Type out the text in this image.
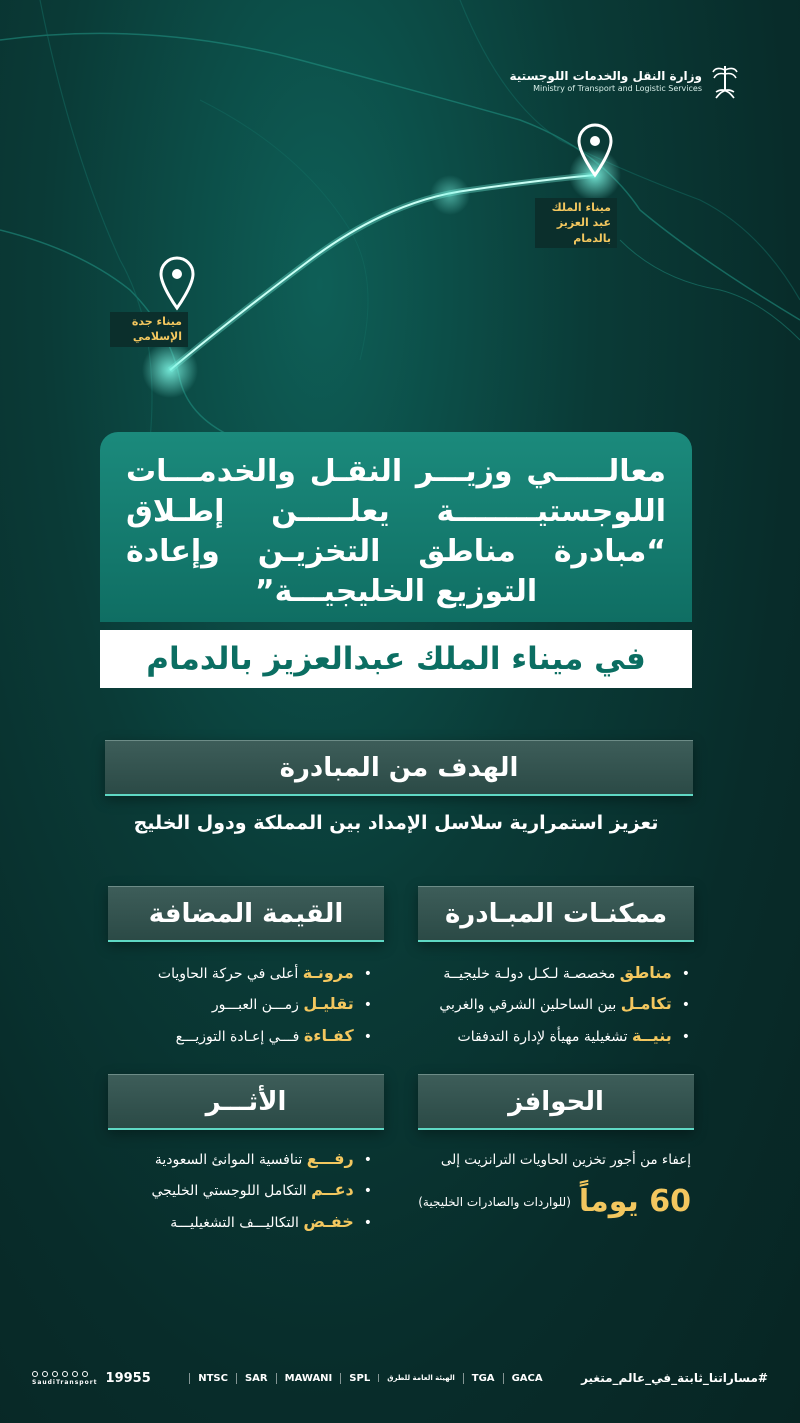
وزارة النقل والخدمات اللوجستية
Ministry of Transport and Logistic Services
ميناء الملك عبد العزيز بالدمام
ميناء جدة الإسلامي
معالـــــي وزيـــر النقـل والخدمـــات اللوجستيــــــــة يعلـــــن إطـلاق “مبادرة مناطق التخزيـن وإعادة التوزيع الخليجيـــة”
في ميناء الملك عبدالعزيز بالدمام
الهدف من المبادرة
تعزيز استمرارية سلاسل الإمداد بين المملكة ودول الخليج
ممكنـات المبـادرة
• مناطق مخصصـة لـكـل دولـة خليجيــة
• تكامـل بين الساحلين الشرقي والغربي
• بنيــة تشغيلية مهيأة لإدارة التدفقات
القيمة المضافة
• مرونـة أعلى في حركة الحاويات
• تقليـل زمـــن العبـــور
• كفـاءة فـــي إعـادة التوزيـــع
الحوافز
إعفاء من أجور تخزين الحاويات الترانزيت إلى
60 يوماً
(للواردات والصادرات الخليجية)
الأثـــر
• رفـــع تنافسية الموانئ السعودية
• دعــم التكامل اللوجستي الخليجي
• خفـض التكاليـــف التشغيليـــة
SaudiTransport 19955	NTSC	SAR	MAWANI	SPL	الهيئة العامة للطرق	TGA	GACA	#مساراتنا_ثابتة_في_عالم_متغير
